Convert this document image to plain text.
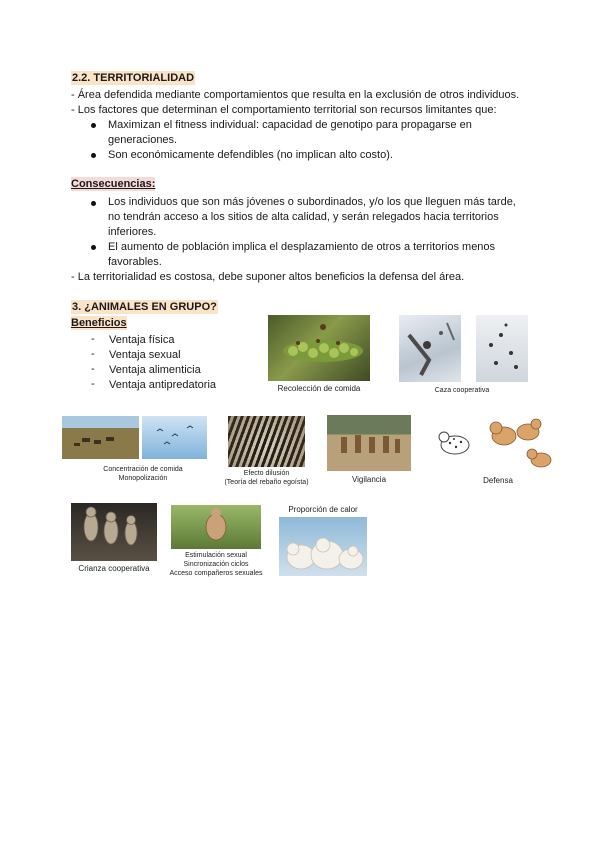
2.2. TERRITORIALIDAD
- Área defendida mediante comportamientos que resulta en la exclusión de otros individuos.
- Los factores que determinan el comportamiento territorial son recursos limitantes que:
Maximizan el fitness individual: capacidad de genotipo para propagarse en
generaciones.
Son económicamente defendibles (no implican alto costo).
Consecuencias:
Los individuos que son más jóvenes o subordinados, y/o los que lleguen más tarde,
no tendrán acceso a los sitios de alta calidad, y serán relegados hacia territorios
inferiores.
El aumento de población implica el desplazamiento de otros a territorios menos
favorables.
- La territorialidad es costosa, debe suponer altos beneficios la defensa del área.
3. ¿ANIMALES EN GRUPO?
Beneficios
- Ventaja física
- Ventaja sexual
- Ventaja alimenticia
- Ventaja antipredatoria	Recolección de comida	Caza cooperativa
Concentración de comida
Monopolización
Efecto dilusión
(Teoría del rebaño egoísta)	Vigilancia	Defensa
Crianza cooperativa
Estimulación sexual
Sincronización ciclos
Acceso compañeros sexuales
Proporción de calor
